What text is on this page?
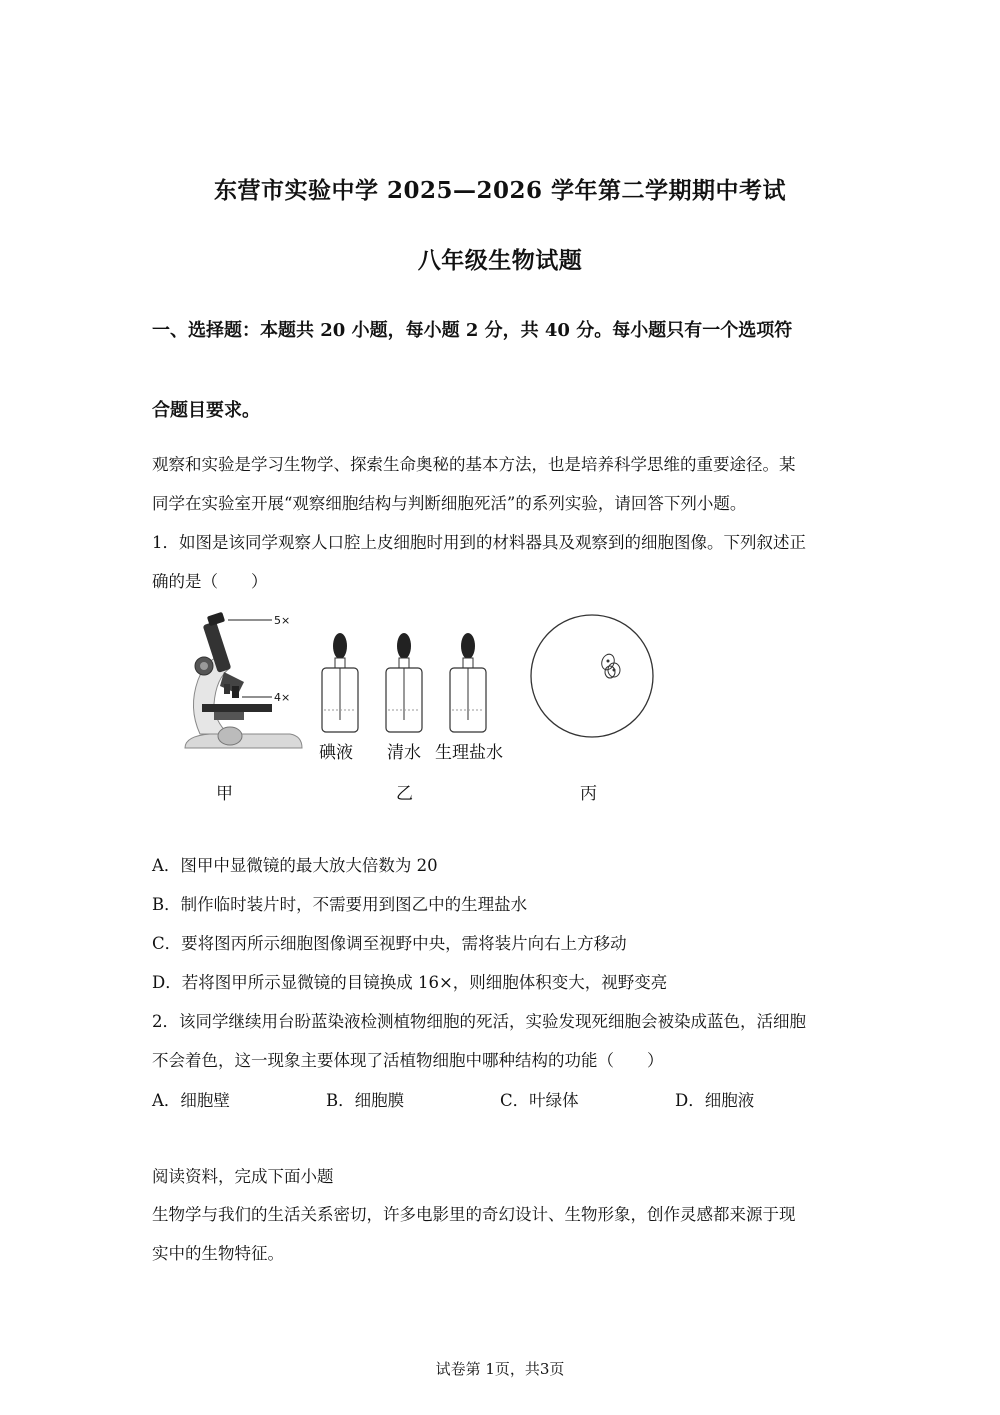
东营市实验中学 2025—2026 学年第二学期期中考试
八年级生物试题
一、选择题：本题共 20 小题，每小题 2 分，共 40 分。每小题只有一个选项符
合题目要求。
观察和实验是学习生物学、探索生命奥秘的基本方法，也是培养科学思维的重要途径。某
同学在实验室开展“观察细胞结构与判断细胞死活”的系列实验，请回答下列小题。
1．如图是该同学观察人口腔上皮细胞时用到的材料器具及观察到的细胞图像。下列叙述正
确的是（　　）
5×
4×
碘液 清水 生理盐水
甲	乙	丙
A．图甲中显微镜的最大放大倍数为 20
B．制作临时装片时，不需要用到图乙中的生理盐水
C．要将图丙所示细胞图像调至视野中央，需将装片向右上方移动
D．若将图甲所示显微镜的目镜换成 16×，则细胞体积变大，视野变亮
2．该同学继续用台盼蓝染液检测植物细胞的死活，实验发现死细胞会被染成蓝色，活细胞
不会着色，这一现象主要体现了活植物细胞中哪种结构的功能（　　）
A．细胞壁	B．细胞膜	C．叶绿体	D．细胞液
阅读资料，完成下面小题
生物学与我们的生活关系密切，许多电影里的奇幻设计、生物形象，创作灵感都来源于现
实中的生物特征。
试卷第 1页，共3页
